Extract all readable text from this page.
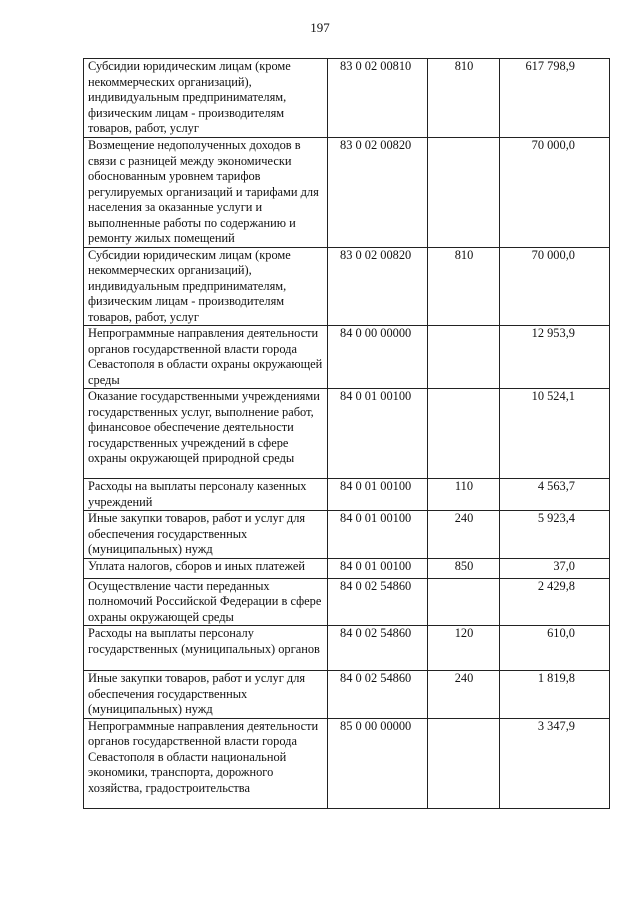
197
Субсидии юридическим лицам (кроме некоммерческих организаций), индивидуальным предпринимателям, физическим лицам - производителям товаров, работ, услуг	83 0 02 00810	810	617 798,9
Возмещение недополученных доходов в связи с разницей между экономически обоснованным уровнем тарифов регулируемых организаций и тарифами для населения за оказанные услуги и выполненные работы по содержанию и ремонту жилых помещений	83 0 02 00820		70 000,0
Субсидии юридическим лицам (кроме некоммерческих организаций), индивидуальным предпринимателям, физическим лицам - производителям товаров, работ, услуг	83 0 02 00820	810	70 000,0
Непрограммные направления деятельности органов государственной власти города Севастополя в области охраны окружающей среды	84 0 00 00000		12 953,9
Оказание государственными учреждениями государственных услуг, выполнение работ, финансовое обеспечение деятельности государственных учреждений в сфере охраны окружающей природной среды	84 0 01 00100		10 524,1
Расходы на выплаты персоналу казенных учреждений	84 0 01 00100	110	4 563,7
Иные закупки товаров, работ и услуг для обеспечения государственных (муниципальных) нужд	84 0 01 00100	240	5 923,4
Уплата налогов, сборов и иных платежей	84 0 01 00100	850	37,0
Осуществление части переданных полномочий Российской Федерации в сфере охраны окружающей среды	84 0 02 54860		2 429,8
Расходы на выплаты персоналу государственных (муниципальных) органов	84 0 02 54860	120	610,0
Иные закупки товаров, работ и услуг для обеспечения государственных (муниципальных) нужд	84 0 02 54860	240	1 819,8
Непрограммные направления деятельности органов государственной власти города Севастополя в области национальной экономики, транспорта, дорожного хозяйства, градостроительства	85 0 00 00000		3 347,9
